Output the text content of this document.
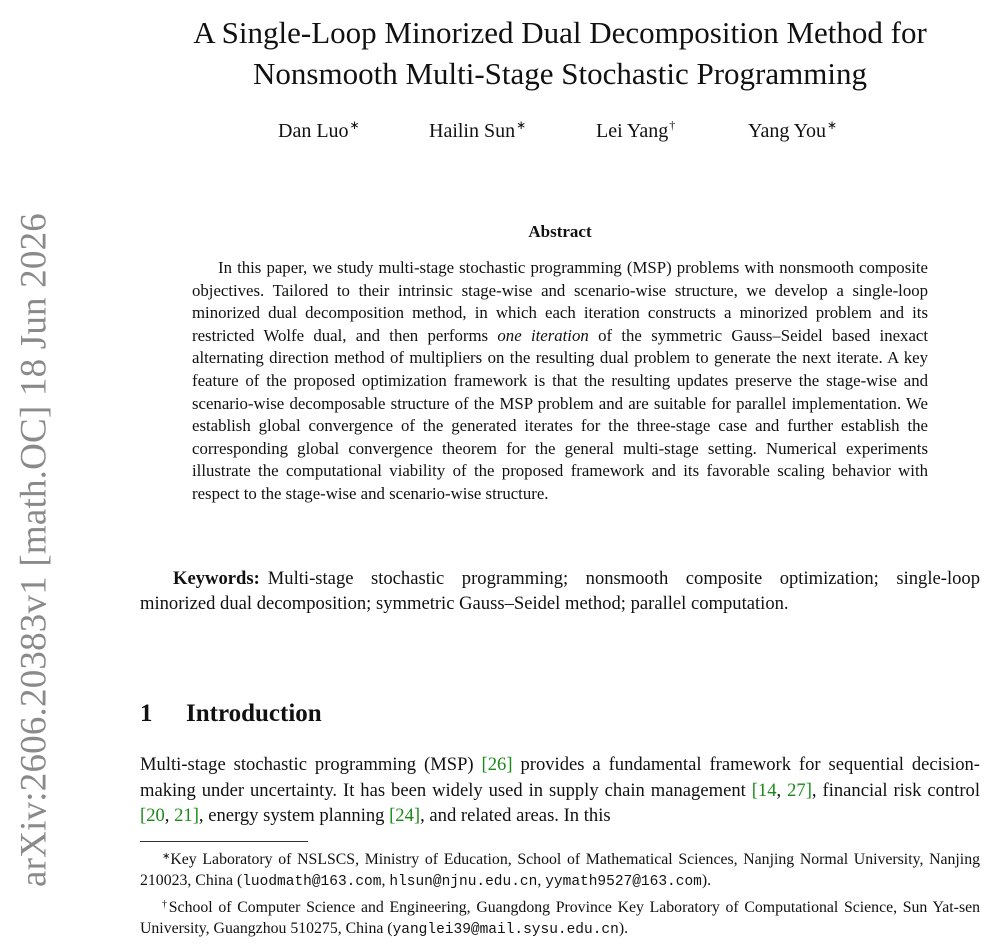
arXiv:2606.20383v1 [math.OC] 18 Jun 2026
A Single-Loop Minorized Dual Decomposition Method for
Nonsmooth Multi-Stage Stochastic Programming
Dan Luo∗	Hailin Sun∗	Lei Yang†	Yang You∗
Abstract

In this paper, we study multi-stage stochastic programming (MSP) problems with nonsmooth composite objectives. Tailored to their intrinsic stage-wise and scenario-wise structure, we develop a single-loop minorized dual decomposition method, in which each iteration constructs a minorized problem and its restricted Wolfe dual, and then performs one iteration of the symmetric Gauss–Seidel based inexact alternating direction method of multipliers on the resulting dual problem to generate the next iterate. A key feature of the proposed optimization framework is that the resulting updates preserve the stage-wise and scenario-wise decomposable structure of the MSP problem and are suitable for parallel implementation. We establish global convergence of the generated iterates for the three-stage case and further establish the corresponding global convergence theorem for the general multi-stage setting. Numerical experiments illustrate the computational viability of the proposed framework and its favorable scaling behavior with respect to the stage-wise and scenario-wise structure.

Keywords: Multi-stage stochastic programming; nonsmooth composite optimization; single-loop minorized dual decomposition; symmetric Gauss–Seidel method; parallel computation.

1 Introduction

Multi-stage stochastic programming (MSP) [26] provides a fundamental framework for sequential decision-making under uncertainty. It has been widely used in supply chain management [14, 27], financial risk control [20, 21], energy system planning [24], and related areas. In this

∗Key Laboratory of NSLSCS, Ministry of Education, School of Mathematical Sciences, Nanjing Normal University, Nanjing 210023, China (luodmath@163.com, hlsun@njnu.edu.cn, yymath9527@163.com).

†School of Computer Science and Engineering, Guangdong Province Key Laboratory of Computational Science, Sun Yat-sen University, Guangzhou 510275, China (yanglei39@mail.sysu.edu.cn).
